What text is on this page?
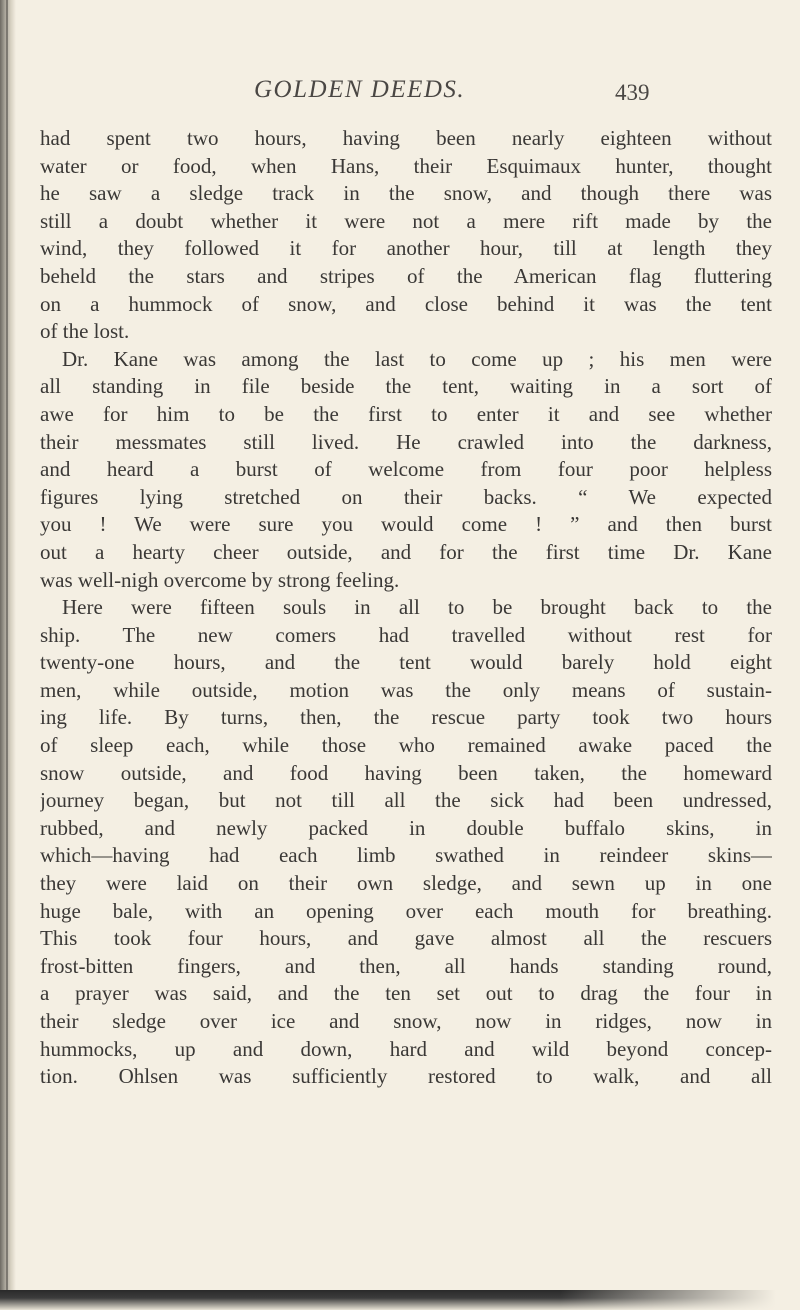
GOLDEN DEEDS.	439
had spent two hours, having been nearly eighteen without
water or food, when Hans, their Esquimaux hunter, thought
he saw a sledge track in the snow, and though there was
still a doubt whether it were not a mere rift made by the
wind, they followed it for another hour, till at length they
beheld the stars and stripes of the American flag fluttering
on a hummock of snow, and close behind it was the tent
of the lost.
Dr. Kane was among the last to come up ; his men were
all standing in file beside the tent, waiting in a sort of
awe for him to be the first to enter it and see whether
their messmates still lived. He crawled into the darkness,
and heard a burst of welcome from four poor helpless
figures lying stretched on their backs. “ We expected
you ! We were sure you would come ! ” and then burst
out a hearty cheer outside, and for the first time Dr. Kane
was well-nigh overcome by strong feeling.
Here were fifteen souls in all to be brought back to the
ship. The new comers had travelled without rest for
twenty-one hours, and the tent would barely hold eight
men, while outside, motion was the only means of sustain-
ing life. By turns, then, the rescue party took two hours
of sleep each, while those who remained awake paced the
snow outside, and food having been taken, the homeward
journey began, but not till all the sick had been undressed,
rubbed, and newly packed in double buffalo skins, in
which—having had each limb swathed in reindeer skins—
they were laid on their own sledge, and sewn up in one
huge bale, with an opening over each mouth for breathing.
This took four hours, and gave almost all the rescuers
frost-bitten fingers, and then, all hands standing round,
a prayer was said, and the ten set out to drag the four in
their sledge over ice and snow, now in ridges, now in
hummocks, up and down, hard and wild beyond concep-
tion. Ohlsen was sufficiently restored to walk, and all
